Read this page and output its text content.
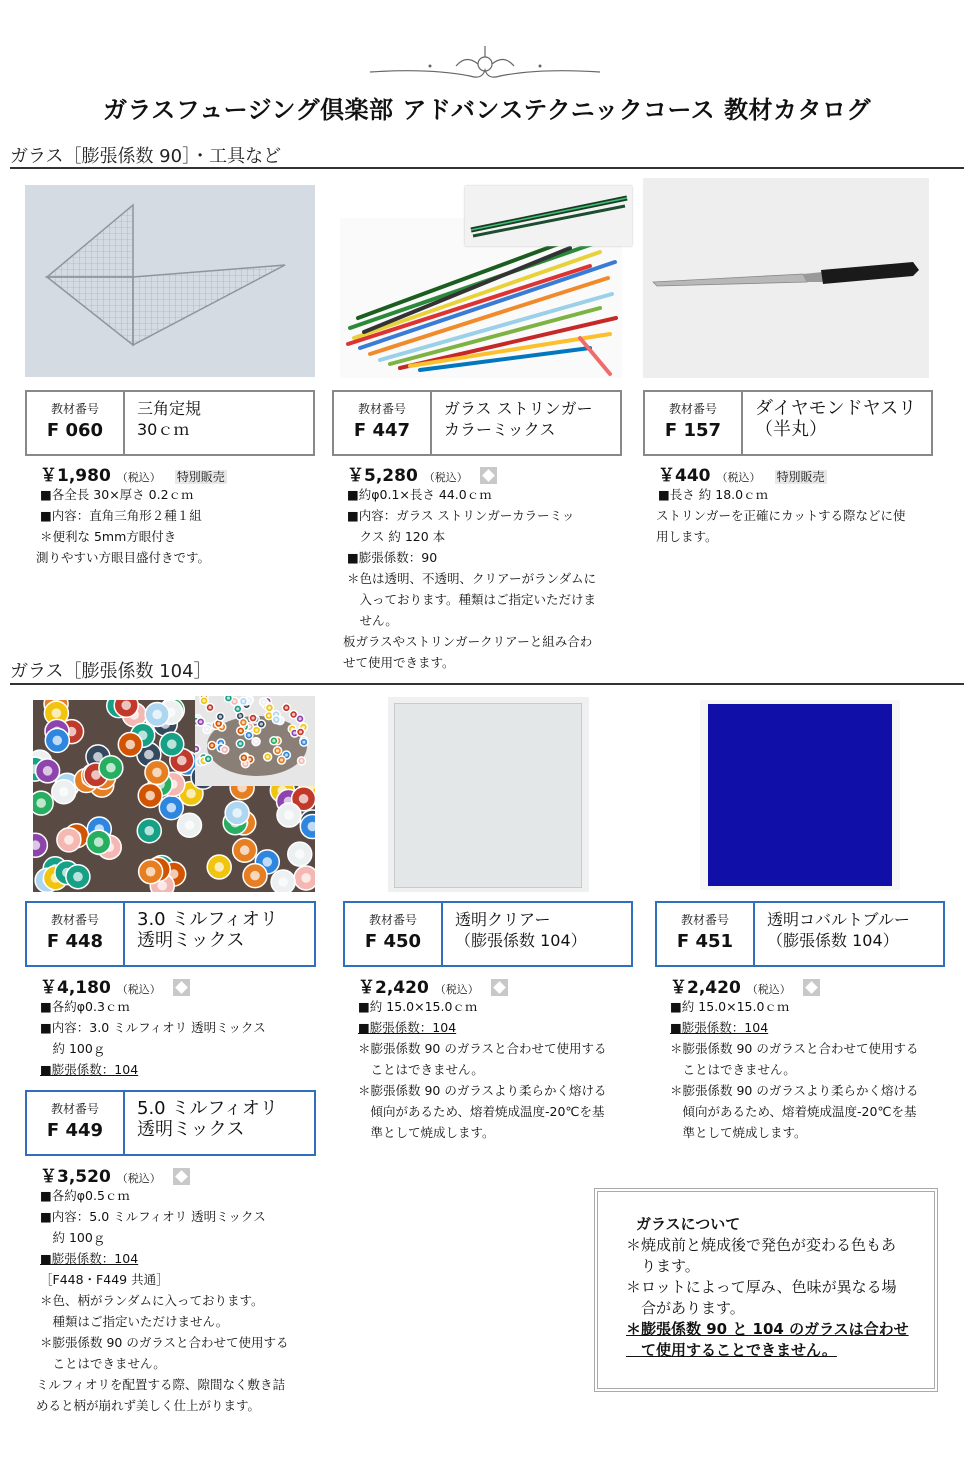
ガラスフュージング倶楽部 アドバンステクニックコース 教材カタログ
ガラス［膨張係数 90］・工具など
教材番号
F 060
三角定規
30ｃｍ
教材番号
F 447
ガラス ストリンガー
カラーミックス
教材番号
F 157
ダイヤモンドヤスリ
（半丸）
￥1,980 （税込） 特別販売

■各全長 30×厚さ 0.2ｃｍ

■内容：直角三角形２種１組

＊便利な 5mm方眼付き

測りやすい方眼目盛付きです。

￥5,280 （税込）

■約φ0.1×長さ 44.0ｃｍ

■内容：ガラス ストリンガーカラーミッ

　クス 約 120 本

■膨張係数：90

＊色は透明、不透明、クリアーがランダムに

　入っております。種類はご指定いただけま

　せん。

板ガラスやストリンガークリアーと組み合わ

せて使用できます。

￥440 （税込） 特別販売

■長さ 約 18.0ｃｍ

ストリンガーを正確にカットする際などに使

用します。

ガラス［膨張係数 104］
教材番号
F 448
3.0 ミルフィオリ
透明ミックス
教材番号
F 450
透明クリアー
（膨張係数 104）
教材番号
F 451
透明コバルトブルー
（膨張係数 104）
￥4,180 （税込）

■各約φ0.3ｃｍ

■内容：3.0 ミルフィオリ 透明ミックス

　約 100ｇ

■膨張係数：104

教材番号
F 449
5.0 ミルフィオリ
透明ミックス
￥3,520 （税込）

■各約φ0.5ｃｍ

■内容：5.0 ミルフィオリ 透明ミックス

　約 100ｇ

■膨張係数：104

［F448・F449 共通］

＊色、柄がランダムに入っております。

　種類はご指定いただけません。

＊膨張係数 90 のガラスと合わせて使用する

　ことはできません。

ミルフィオリを配置する際、隙間なく敷き詰

めると柄が崩れず美しく仕上がります。

￥2,420 （税込）

■約 15.0×15.0ｃｍ

■膨張係数：104

＊膨張係数 90 のガラスと合わせて使用する

　ことはできません。

＊膨張係数 90 のガラスより柔らかく熔ける

　傾向があるため、熔着焼成温度-20℃を基

　準として焼成します。

￥2,420 （税込）

■約 15.0×15.0ｃｍ

■膨張係数：104

＊膨張係数 90 のガラスと合わせて使用する

　ことはできません。

＊膨張係数 90 のガラスより柔らかく熔ける

　傾向があるため、熔着焼成温度-20℃を基

　準として焼成します。

ガラスについて
＊焼成前と焼成後で発色が変わる色もあ
　ります。
＊ロットによって厚み、色味が異なる場
　合があります。
＊膨張係数 90 と 104 のガラスは合わせ
　て使用することできません。
